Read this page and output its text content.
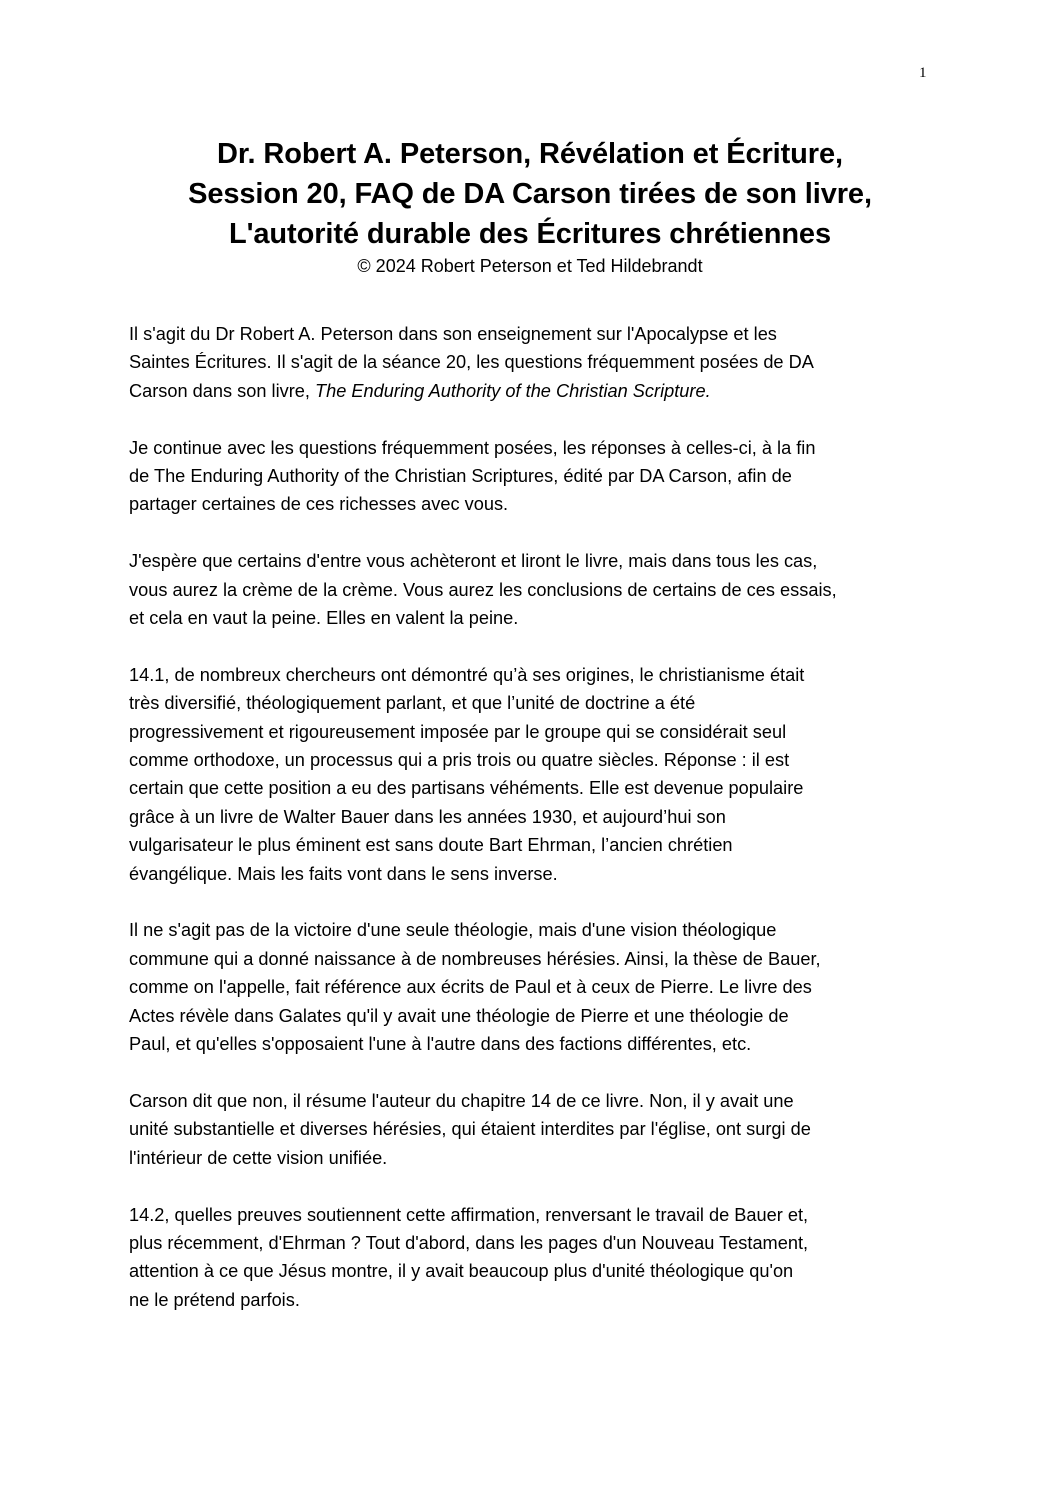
1
Dr. Robert A. Peterson, Révélation et Écriture,
Session 20, FAQ de DA Carson tirées de son livre,
L'autorité durable des Écritures chrétiennes
© 2024 Robert Peterson et Ted Hildebrandt
Il s'agit du Dr Robert A. Peterson dans son enseignement sur l'Apocalypse et les
Saintes Écritures. Il s'agit de la séance 20, les questions fréquemment posées de DA
Carson dans son livre, The Enduring Authority of the Christian Scripture.
Je continue avec les questions fréquemment posées, les réponses à celles-ci, à la fin
de The Enduring Authority of the Christian Scriptures, édité par DA Carson, afin de
partager certaines de ces richesses avec vous.
J'espère que certains d'entre vous achèteront et liront le livre, mais dans tous les cas,
vous aurez la crème de la crème. Vous aurez les conclusions de certains de ces essais,
et cela en vaut la peine. Elles en valent la peine.
14.1, de nombreux chercheurs ont démontré qu’à ses origines, le christianisme était
très diversifié, théologiquement parlant, et que l’unité de doctrine a été
progressivement et rigoureusement imposée par le groupe qui se considérait seul
comme orthodoxe, un processus qui a pris trois ou quatre siècles. Réponse : il est
certain que cette position a eu des partisans véhéments. Elle est devenue populaire
grâce à un livre de Walter Bauer dans les années 1930, et aujourd’hui son
vulgarisateur le plus éminent est sans doute Bart Ehrman, l’ancien chrétien
évangélique. Mais les faits vont dans le sens inverse.
Il ne s'agit pas de la victoire d'une seule théologie, mais d'une vision théologique
commune qui a donné naissance à de nombreuses hérésies. Ainsi, la thèse de Bauer,
comme on l'appelle, fait référence aux écrits de Paul et à ceux de Pierre. Le livre des
Actes révèle dans Galates qu'il y avait une théologie de Pierre et une théologie de
Paul, et qu'elles s'opposaient l'une à l'autre dans des factions différentes, etc.
Carson dit que non, il résume l'auteur du chapitre 14 de ce livre. Non, il y avait une
unité substantielle et diverses hérésies, qui étaient interdites par l'église, ont surgi de
l'intérieur de cette vision unifiée.
14.2, quelles preuves soutiennent cette affirmation, renversant le travail de Bauer et,
plus récemment, d'Ehrman ? Tout d'abord, dans les pages d'un Nouveau Testament,
attention à ce que Jésus montre, il y avait beaucoup plus d'unité théologique qu'on
ne le prétend parfois.
